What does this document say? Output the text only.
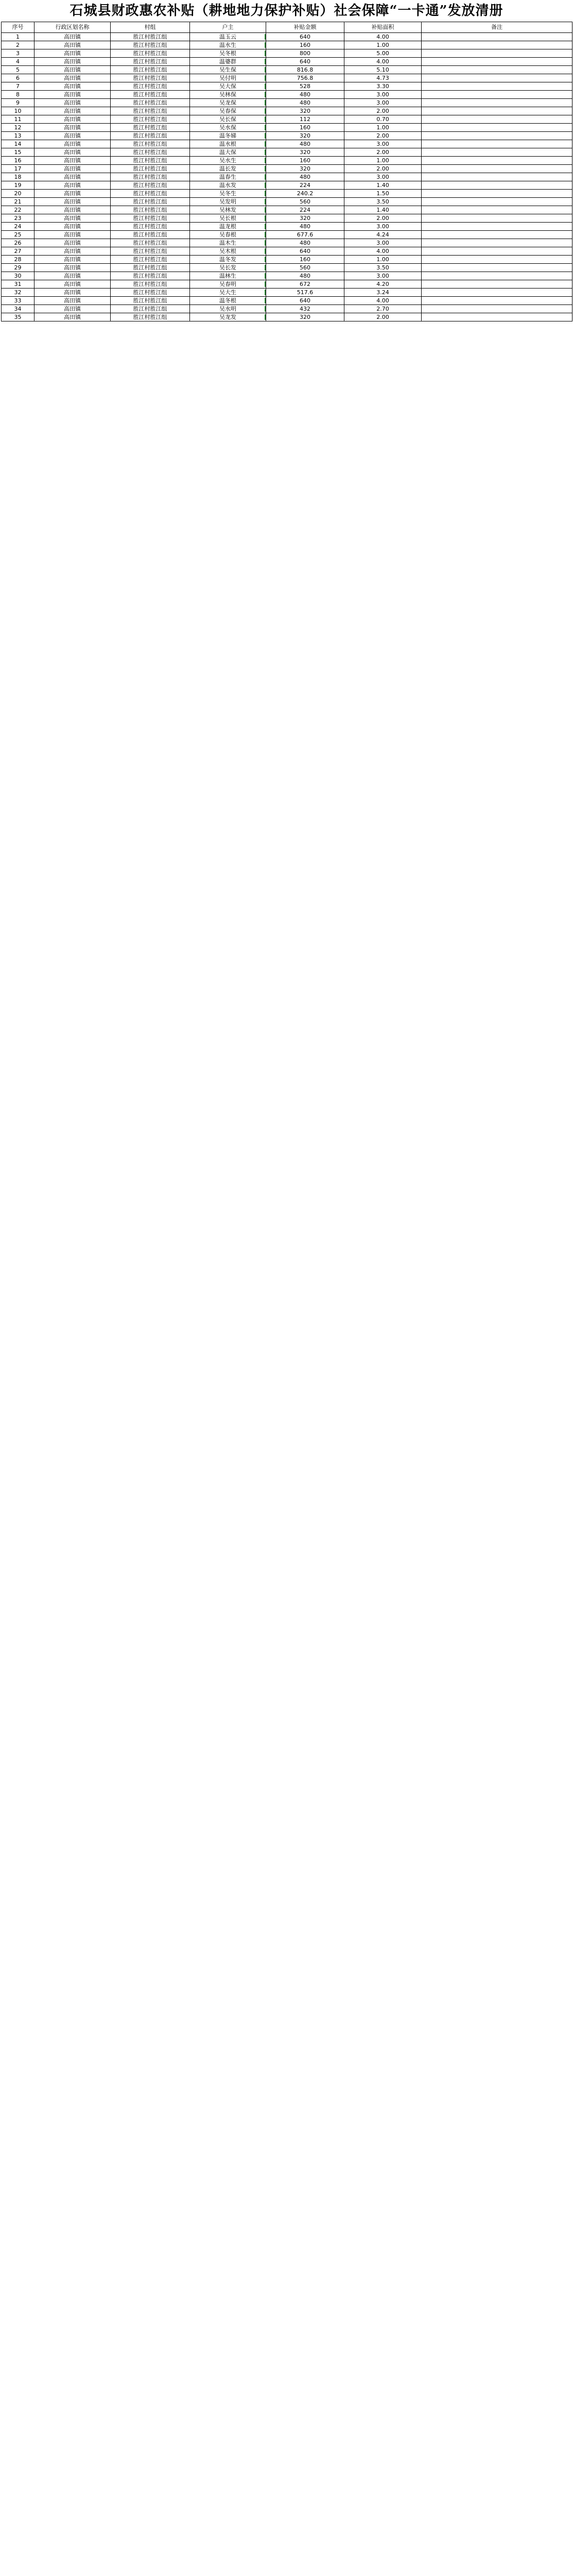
石城县财政惠农补贴（耕地地力保护补贴）社会保障“一卡通”发放清册
序号	行政区划名称	村组	户主	补贴金额	补贴面积	备注
1	高田镇	胜江村胜江组	温玉云	640	4.00	
2	高田镇	胜江村胜江组	温水生	160	1.00	
3	高田镇	胜江村胜江组	吴冬根	800	5.00	
4	高田镇	胜江村胜江组	温婆群	640	4.00	
5	高田镇	胜江村胜江组	吴生保	816.8	5.10	
6	高田镇	胜江村胜江组	吴付明	756.8	4.73	
7	高田镇	胜江村胜江组	吴大保	528	3.30	
8	高田镇	胜江村胜江组	吴林保	480	3.00	
9	高田镇	胜江村胜江组	吴龙保	480	3.00	
10	高田镇	胜江村胜江组	吴春保	320	2.00	
11	高田镇	胜江村胜江组	吴长保	112	0.70	
12	高田镇	胜江村胜江组	吴水保	160	1.00	
13	高田镇	胜江村胜江组	温冬娣	320	2.00	
14	高田镇	胜江村胜江组	温水根	480	3.00	
15	高田镇	胜江村胜江组	温大保	320	2.00	
16	高田镇	胜江村胜江组	吴水生	160	1.00	
17	高田镇	胜江村胜江组	温长发	320	2.00	
18	高田镇	胜江村胜江组	温春生	480	3.00	
19	高田镇	胜江村胜江组	温水发	224	1.40	
20	高田镇	胜江村胜江组	吴冬生	240.2	1.50	
21	高田镇	胜江村胜江组	吴发明	560	3.50	
22	高田镇	胜江村胜江组	吴林发	224	1.40	
23	高田镇	胜江村胜江组	吴长根	320	2.00	
24	高田镇	胜江村胜江组	温龙根	480	3.00	
25	高田镇	胜江村胜江组	吴春根	677.6	4.24	
26	高田镇	胜江村胜江组	温木生	480	3.00	
27	高田镇	胜江村胜江组	吴木根	640	4.00	
28	高田镇	胜江村胜江组	温冬发	160	1.00	
29	高田镇	胜江村胜江组	吴长发	560	3.50	
30	高田镇	胜江村胜江组	温林生	480	3.00	
31	高田镇	胜江村胜江组	吴春明	672	4.20	
32	高田镇	胜江村胜江组	吴大生	517.6	3.24	
33	高田镇	胜江村胜江组	温冬根	640	4.00	
34	高田镇	胜江村胜江组	吴水明	432	2.70	
35	高田镇	胜江村胜江组	吴龙发	320	2.00	
